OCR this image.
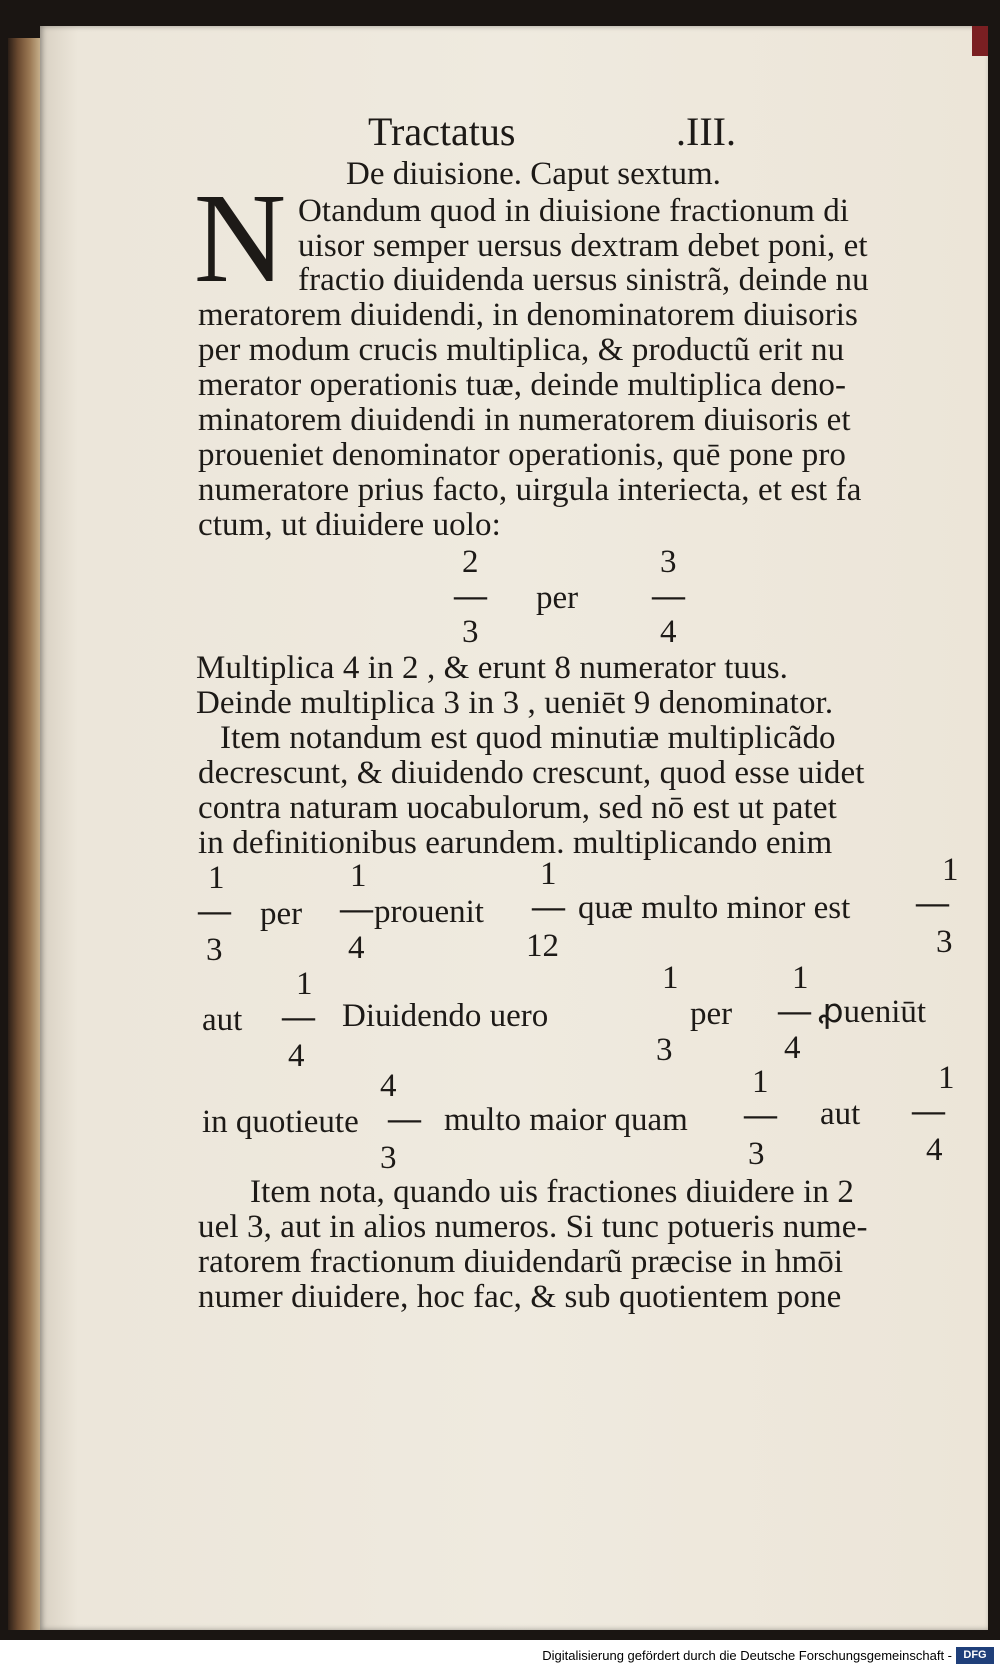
Tractatus	.III.
De diuisione. Caput sextum.
N Otandum quod in diuisione fractionum di
uisor semper uersus dextram debet poni, et
fractio diuidenda uersus sinistrã, deinde nu
meratorem diuidendi, in denominatorem diuisoris
per modum crucis multiplica, & productũ erit nu
merator operationis tuæ, deinde multiplica deno-
minatorem diuidendi in numeratorem diuisoris et
proueniet denominator operationis, quē pone pro
numeratore prius facto, uirgula interiecta, et est fa
ctum, ut diuidere uolo:
2
—
3
per
3
—
4
Multiplica 4 in 2 , & erunt 8 numerator tuus.
Deinde multiplica 3 in 3 , ueniēt 9 denominator.
Item notandum est quod minutiæ multiplicãdo
decrescunt, & diuidendo crescunt, quod esse uidet
contra naturam uocabulorum, sed nō est ut patet
in definitionibus earundem. multiplicando enim
1
—
3
per
1
—
4
prouenit
1
—
12
quæ multo minor est
1
—
3
aut
1
—
4
Diuidendo uero
1
3
per
1
—
4
ꝓueniūt
in quotieute
4
—
3
multo maior quam
1
—
3
aut
1
—
4
Item nota, quando uis fractiones diuidere in 2
uel 3, aut in alios numeros. Si tunc potueris nume-
ratorem fractionum diuidendarũ præcise in hmōi
numer diuidere, hoc fac, & sub quotientem pone
Digitalisierung gefördert durch die Deutsche Forschungsgemeinschaft -	DFG
